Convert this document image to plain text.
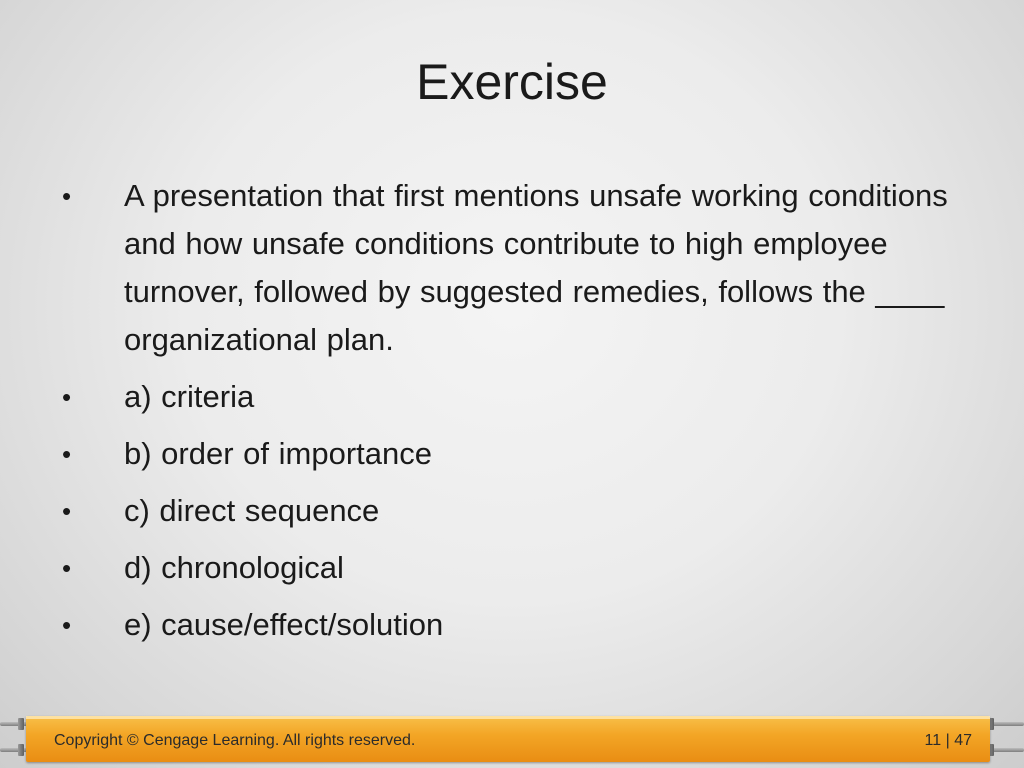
Exercise
•	A presentation that first mentions unsafe working conditions and how unsafe conditions contribute to high employee turnover, followed by suggested remedies, follows the ____ organizational plan.
•	a) criteria
•	b) order of importance
•	c) direct sequence
•	d) chronological
•	e) cause/effect/solution
Copyright © Cengage Learning. All rights reserved.	11 | 47
